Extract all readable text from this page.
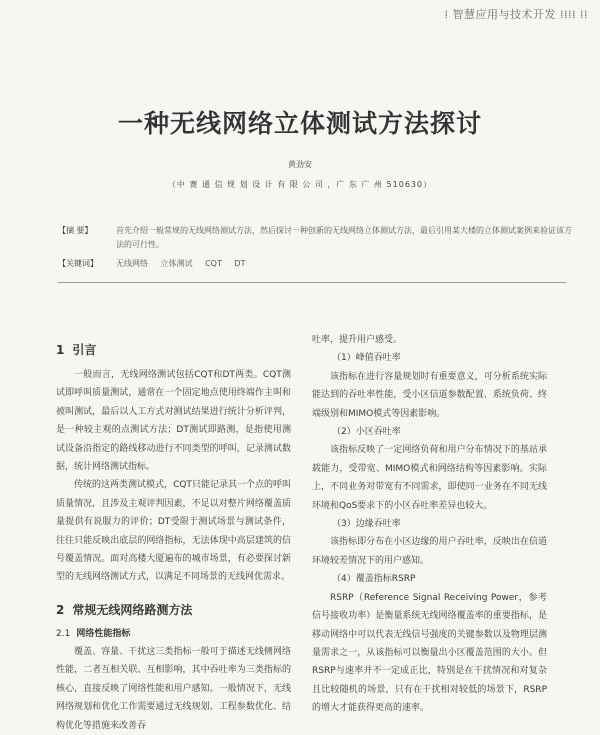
⁞ 智慧应用与技术开发 ⁞⁞⁞⁞ ⁞⁞
一种无线网络立体测试方法探讨
黄劲安
（中 赛 通 信 规 划 设 计 有 限 公 司 ，广 东 广 州 510630）
【摘 要】	首先介绍一般常规的无线网络测试方法，然后探讨一种创新的无线网络立体测试方法，最后引用某大楼的立体测试案例来验证该方法的可行性。
【关键词】	无线网络 立体测试 CQT DT
1 引言

一般而言，无线网络测试包括CQT和DT两类。CQT测试即呼叫质量测试，通常在一个固定地点使用终端作主叫和被叫测试，最后以人工方式对测试结果进行统计分析评判，是一种较主观的点测试方法；DT测试即路测，是指使用测试设备沿指定的路线移动进行不同类型的呼叫，记录测试数据，统计网络测试指标。

传统的这两类测试模式，CQT只能记录其一个点的呼叫质量情况，且涉及主观评判因素，不足以对整片网络覆盖质量提供有说服力的评价；DT受限于测试场景与测试条件，往往只能反映出底层的网络指标，无法体现中高层建筑的信号覆盖情况。面对高楼大厦遍布的城市场景，有必要探讨新型的无线网络测试方式，以满足不同场景的无线网优需求。

2 常规无线网络路测方法
2.1 网络性能指标

覆盖、容量、干扰这三类指标一般可于描述无线侧网络性能，二者互相关联、互相影响，其中吞吐率为三类指标的核心，直接反映了网络性能和用户感知。一般情况下，无线网络规划和优化工作需要通过无线规划、工程参数优化、结构优化等措施来改善吞

吐率，提升用户感受。

（1）峰值吞吐率

该指标在进行容量规划时有重要意义，可分析系统实际能达到的吞吐率性能，受小区信道参数配置、系统负荷、终端级别和MIMO模式等因素影响。

（2）小区吞吐率

该指标反映了一定网络负荷和用户分布情况下的基站承载能力，受带宽、MIMO模式和网络结构等因素影响。实际上，不同业务对带宽有不同需求，即使同一业务在不同无线环境和QoS要求下的小区吞吐率差异也较大。

（3）边缘吞吐率

该指标即分布在小区边缘的用户吞吐率，反映出在信道环境较差情况下的用户感知。

（4）覆盖指标RSRP

RSRP（Reference Signal Receiving Power，参考信号接收功率）是衡量系统无线网络覆盖率的重要指标，是移动网络中可以代表无线信号强度的关键参数以及物理层测量需求之一，从该指标可以衡量出小区覆盖范围的大小。但RSRP与速率并不一定成正比，特别是在干扰情况和对复杂且比较随机的场景，只有在干扰相对较低的场景下，RSRP的增大才能获得更高的速率。
